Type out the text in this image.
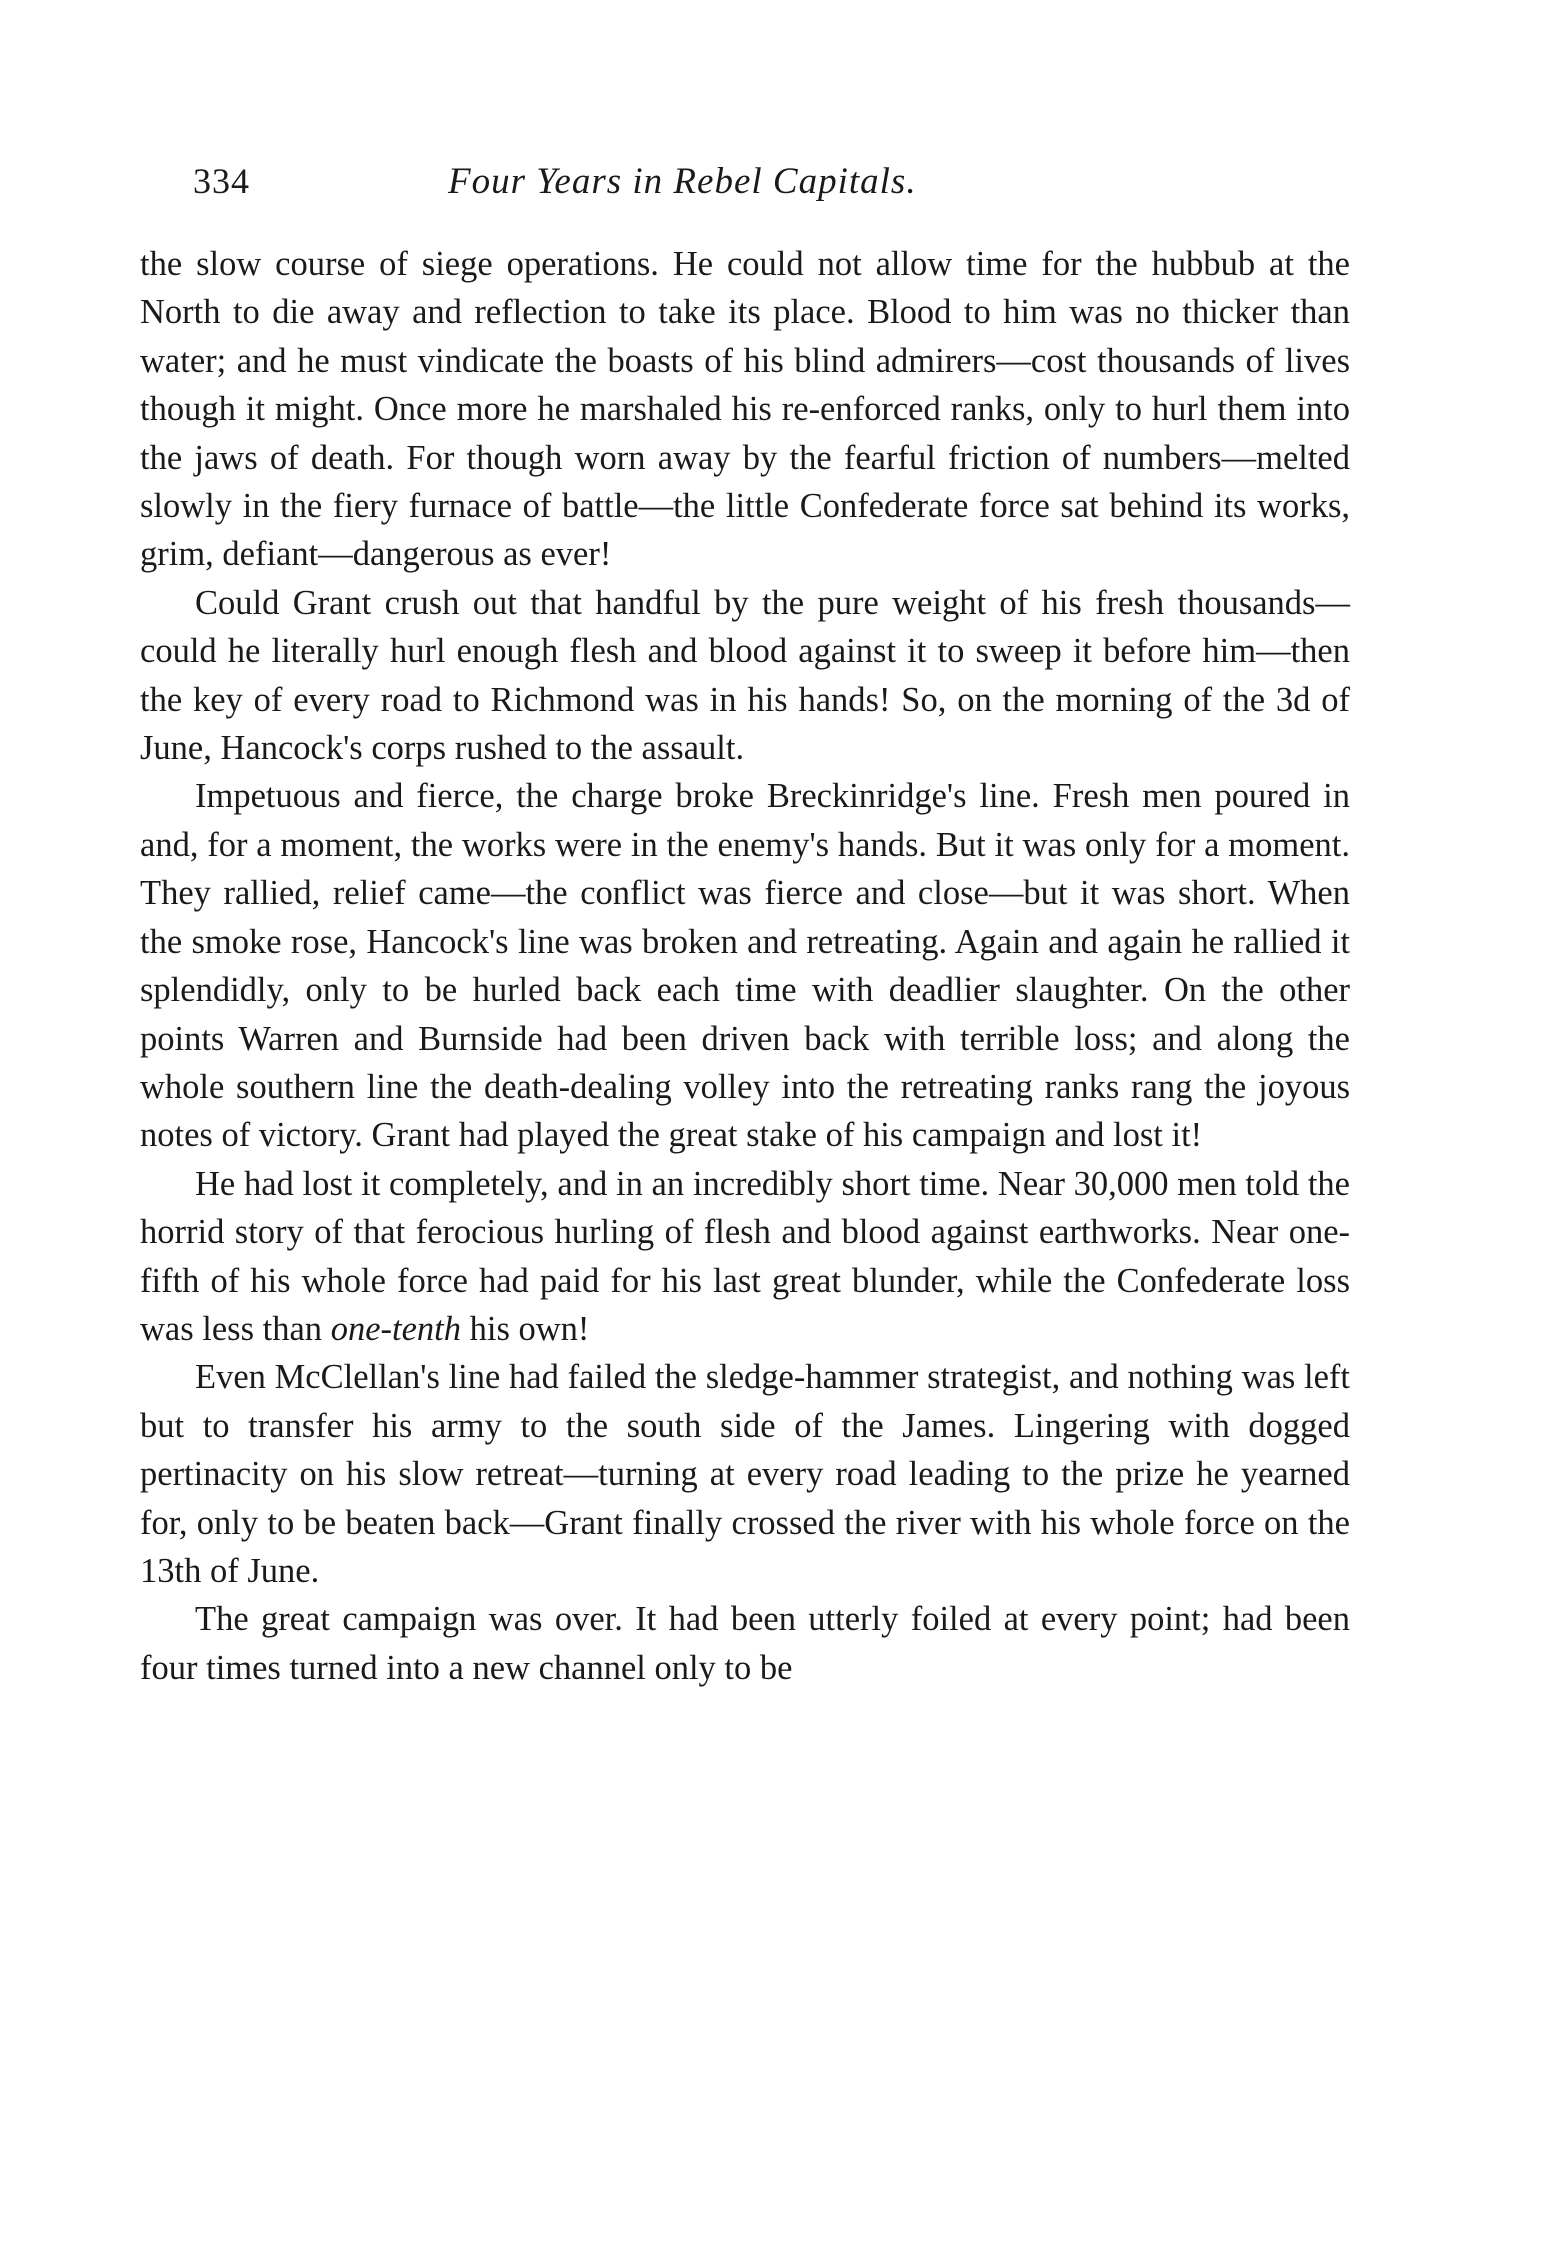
334	Four Years in Rebel Capitals.

the slow course of siege operations. He could not allow time for the hubbub at the North to die away and reflection to take its place. Blood to him was no thicker than water; and he must vindicate the boasts of his blind admirers—cost thousands of lives though it might. Once more he marshaled his re-enforced ranks, only to hurl them into the jaws of death. For though worn away by the fearful friction of numbers—melted slowly in the fiery furnace of battle—the little Confederate force sat behind its works, grim, defiant—dangerous as ever!

Could Grant crush out that handful by the pure weight of his fresh thousands—could he literally hurl enough flesh and blood against it to sweep it before him—then the key of every road to Richmond was in his hands! So, on the morning of the 3d of June, Hancock's corps rushed to the assault.

Impetuous and fierce, the charge broke Breckinridge's line. Fresh men poured in and, for a moment, the works were in the enemy's hands. But it was only for a moment. They rallied, relief came—the conflict was fierce and close—but it was short. When the smoke rose, Hancock's line was broken and retreating. Again and again he rallied it splendidly, only to be hurled back each time with deadlier slaughter. On the other points Warren and Burnside had been driven back with terrible loss; and along the whole southern line the death-dealing volley into the retreating ranks rang the joyous notes of victory. Grant had played the great stake of his campaign and lost it!

He had lost it completely, and in an incredibly short time. Near 30,000 men told the horrid story of that ferocious hurling of flesh and blood against earthworks. Near one-fifth of his whole force had paid for his last great blunder, while the Confederate loss was less than one-tenth his own!

Even McClellan's line had failed the sledge-hammer strategist, and nothing was left but to transfer his army to the south side of the James. Lingering with dogged pertinacity on his slow retreat—turning at every road leading to the prize he yearned for, only to be beaten back—Grant finally crossed the river with his whole force on the 13th of June.

The great campaign was over. It had been utterly foiled at every point; had been four times turned into a new channel only to be
